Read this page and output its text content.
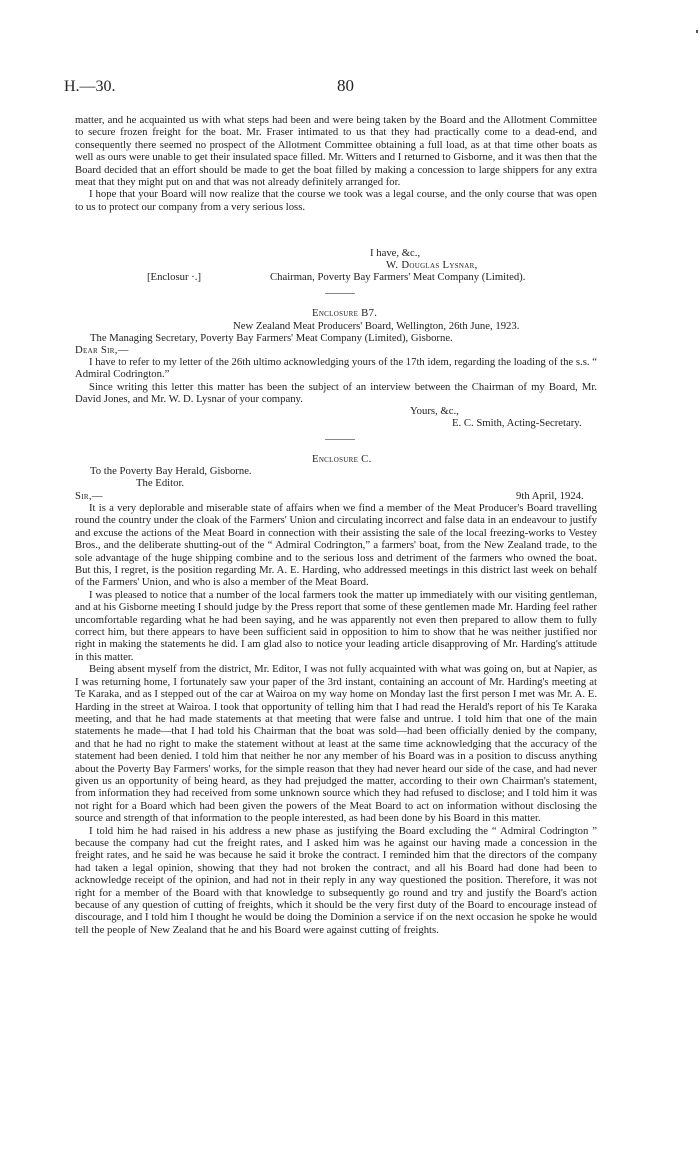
H.—30.	80

matter, and he acquainted us with what steps had been and were being taken by the Board and the Allotment Committee to secure frozen freight for the boat. Mr. Fraser intimated to us that they had practically come to a dead-end, and consequently there seemed no prospect of the Allotment Committee obtaining a full load, as at that time other boats as well as ours were unable to get their insulated space filled. Mr. Witters and I returned to Gisborne, and it was then that the Board decided that an effort should be made to get the boat filled by making a concession to large shippers for any extra meat that they might put on and that was not already definitely arranged for.

I hope that your Board will now realize that the course we took was a legal course, and the only course that was open to us to protect our company from a very serious loss.

I have, &c.,
W. Douglas Lysnar,
[Enclosur ·.]	Chairman, Poverty Bay Farmers' Meat Company (Limited).
Enclosure B7.
New Zealand Meat Producers' Board, Wellington, 26th June, 1923.
The Managing Secretary, Poverty Bay Farmers' Meat Company (Limited), Gisborne.
Dear Sir,—

I have to refer to my letter of the 26th ultimo acknowledging yours of the 17th idem, regarding the loading of the s.s. “ Admiral Codrington.”

Since writing this letter this matter has been the subject of an interview between the Chairman of my Board, Mr. David Jones, and Mr. W. D. Lysnar of your company.

Yours, &c.,
E. C. Smith, Acting-Secretary.
Enclosure C.
To the Poverty Bay Herald, Gisborne.
The Editor.
Sir,—	9th April, 1924.

It is a very deplorable and miserable state of affairs when we find a member of the Meat Producer's Board travelling round the country under the cloak of the Farmers' Union and circulating incorrect and false data in an endeavour to justify and excuse the actions of the Meat Board in connection with their assisting the sale of the local freezing-works to Vestey Bros., and the deliberate shutting-out of the “ Admiral Codrington,” a farmers' boat, from the New Zealand trade, to the sole advantage of the huge shipping combine and to the serious loss and detriment of the farmers who owned the boat. But this, I regret, is the position regarding Mr. A. E. Harding, who addressed meetings in this district last week on behalf of the Farmers' Union, and who is also a member of the Meat Board.

I was pleased to notice that a number of the local farmers took the matter up immediately with our visiting gentleman, and at his Gisborne meeting I should judge by the Press report that some of these gentlemen made Mr. Harding feel rather uncomfortable regarding what he had been saying, and he was apparently not even then prepared to allow them to fully correct him, but there appears to have been sufficient said in opposition to him to show that he was neither justified nor right in making the statements he did. I am glad also to notice your leading article disapproving of Mr. Harding's attitude in this matter.

Being absent myself from the district, Mr. Editor, I was not fully acquainted with what was going on, but at Napier, as I was returning home, I fortunately saw your paper of the 3rd instant, containing an account of Mr. Harding's meeting at Te Karaka, and as I stepped out of the car at Wairoa on my way home on Monday last the first person I met was Mr. A. E. Harding in the street at Wairoa. I took that opportunity of telling him that I had read the Herald's report of his Te Karaka meeting, and that he had made statements at that meeting that were false and untrue. I told him that one of the main statements he made—that I had told his Chairman that the boat was sold—had been officially denied by the company, and that he had no right to make the statement without at least at the same time acknowledging that the accuracy of the statement had been denied. I told him that neither he nor any member of his Board was in a position to discuss anything about the Poverty Bay Farmers' works, for the simple reason that they had never heard our side of the case, and had never given us an opportunity of being heard, as they had prejudged the matter, according to their own Chairman's statement, from information they had received from some unknown source which they had refused to disclose; and I told him it was not right for a Board which had been given the powers of the Meat Board to act on information without disclosing the source and strength of that information to the people interested, as had been done by his Board in this matter.

I told him he had raised in his address a new phase as justifying the Board excluding the “ Admiral Codrington ” because the company had cut the freight rates, and I asked him was he against our having made a concession in the freight rates, and he said he was because he said it broke the contract. I reminded him that the directors of the company had taken a legal opinion, showing that they had not broken the contract, and all his Board had done had been to acknowledge receipt of the opinion, and had not in their reply in any way questioned the position. Therefore, it was not right for a member of the Board with that knowledge to subsequently go round and try and justify the Board's action because of any question of cutting of freights, which it should be the very first duty of the Board to encourage instead of discourage, and I told him I thought he would be doing the Dominion a service if on the next occasion he spoke he would tell the people of New Zealand that he and his Board were against cutting of freights.
